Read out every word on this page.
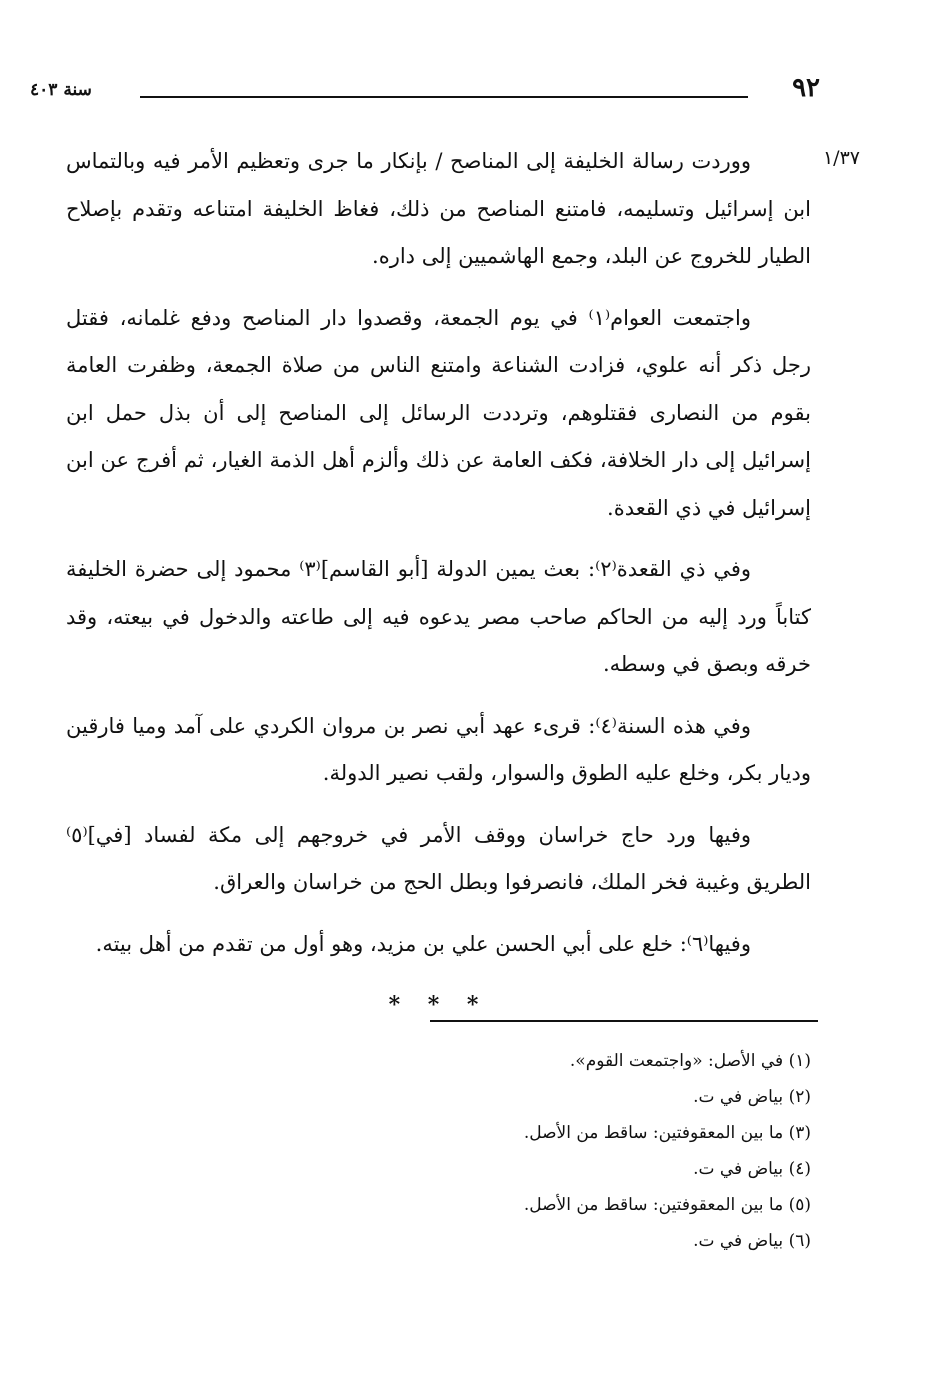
٩٢
سنة ٤٠٣
١/٣٧

ووردت رسالة الخليفة إلى المناصح / بإنكار ما جرى وتعظيم الأمر فيه وبالتماس ابن إسرائيل وتسليمه، فامتنع المناصح من ذلك، فغاظ الخليفة امتناعه وتقدم بإصلاح الطيار للخروج عن البلد، وجمع الهاشميين إلى داره.

واجتمعت العوام⁽١⁾ في يوم الجمعة، وقصدوا دار المناصح ودفع غلمانه، فقتل رجل ذكر أنه علوي، فزادت الشناعة وامتنع الناس من صلاة الجمعة، وظفرت العامة بقوم من النصارى فقتلوهم، وترددت الرسائل إلى المناصح إلى أن بذل حمل ابن إسرائيل إلى دار الخلافة، فكف العامة عن ذلك وألزم أهل الذمة الغيار، ثم أفرج عن ابن إسرائيل في ذي القعدة.

وفي ذي القعدة⁽٢⁾: بعث يمين الدولة [أبو القاسم]⁽٣⁾ محمود إلى حضرة الخليفة كتاباً ورد إليه من الحاكم صاحب مصر يدعوه فيه إلى طاعته والدخول في بيعته، وقد خرقه وبصق في وسطه.

وفي هذه السنة⁽٤⁾: قرىء عهد أبي نصر بن مروان الكردي على آمد وميا فارقين وديار بكر، وخلع عليه الطوق والسوار، ولقب نصير الدولة.

وفيها ورد حاج خراسان ووقف الأمر في خروجهم إلى مكة لفساد [في]⁽٥⁾ الطريق وغيبة فخر الملك، فانصرفوا وبطل الحج من خراسان والعراق.

وفيها⁽٦⁾: خلع على أبي الحسن علي بن مزيد، وهو أول من تقدم من أهل بيته.

* * *
(١) في الأصل: «واجتمعت القوم».
(٢) بياض في ت.
(٣) ما بين المعقوفتين: ساقط من الأصل.
(٤) بياض في ت.
(٥) ما بين المعقوفتين: ساقط من الأصل.
(٦) بياض في ت.
